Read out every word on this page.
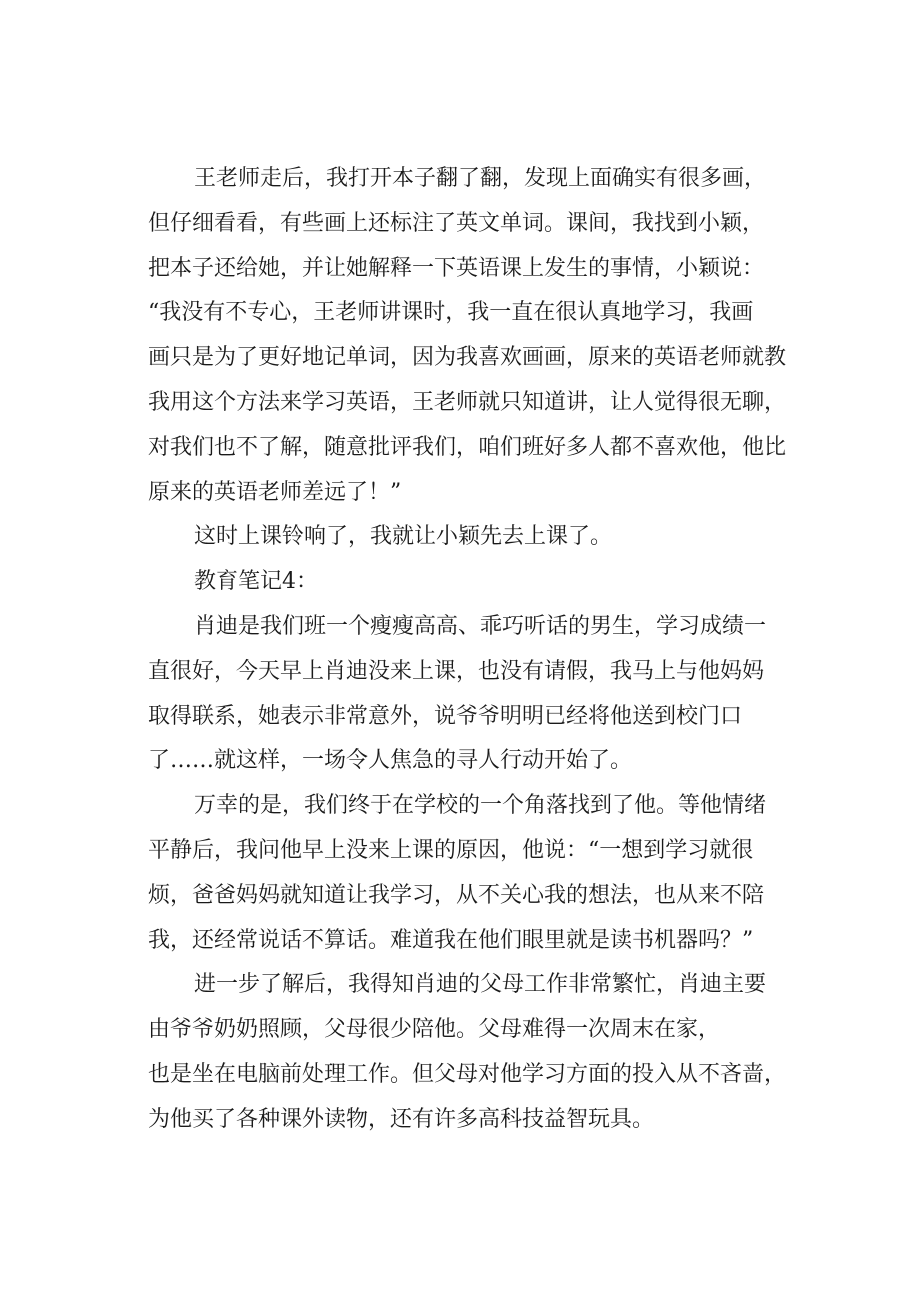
王老师走后，我打开本子翻了翻，发现上面确实有很多画，
但仔细看看，有些画上还标注了英文单词。课间，我找到小颖，
把本子还给她，并让她解释一下英语课上发生的事情，小颖说：
“我没有不专心，王老师讲课时，我一直在很认真地学习，我画
画只是为了更好地记单词，因为我喜欢画画，原来的英语老师就教
我用这个方法来学习英语，王老师就只知道讲，让人觉得很无聊，
对我们也不了解，随意批评我们，咱们班好多人都不喜欢他，他比
原来的英语老师差远了！”
这时上课铃响了，我就让小颖先去上课了。
教育笔记4：
肖迪是我们班一个瘦瘦高高、乖巧听话的男生，学习成绩一
直很好，今天早上肖迪没来上课，也没有请假，我马上与他妈妈
取得联系，她表示非常意外，说爷爷明明已经将他送到校门口
了……就这样，一场令人焦急的寻人行动开始了。
万幸的是，我们终于在学校的一个角落找到了他。等他情绪
平静后，我问他早上没来上课的原因，他说：“一想到学习就很
烦，爸爸妈妈就知道让我学习，从不关心我的想法，也从来不陪
我，还经常说话不算话。难道我在他们眼里就是读书机器吗？”
进一步了解后，我得知肖迪的父母工作非常繁忙，肖迪主要
由爷爷奶奶照顾，父母很少陪他。父母难得一次周末在家，
也是坐在电脑前处理工作。但父母对他学习方面的投入从不吝啬，
为他买了各种课外读物，还有许多高科技益智玩具。
